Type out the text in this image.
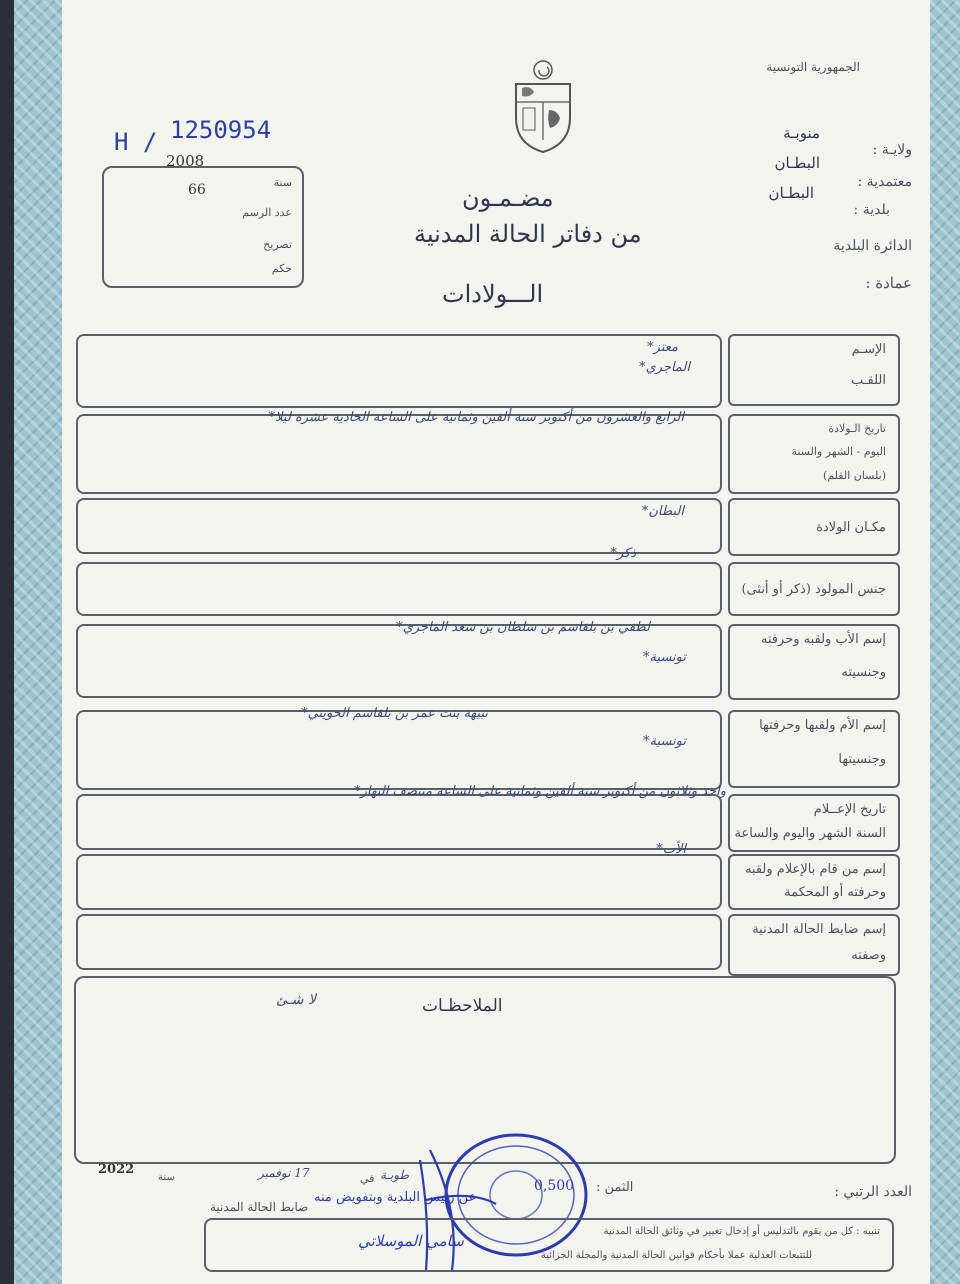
H / 1250954
2008
سنة
66
عدد الرسم
تصريح
حكم
الجمهورية التونسية
ولايـة :
منوبـة
البطـان
معتمدية :
البطـان
بلدية :
الدائرة البلدية
عمادة :
مضـمـون
من دفاتر الحالة المدنية
الـــولادات
معتز*
الماجري*
الإسـم
اللقـب
الرابع والعشرون من أكتوبر سنة ألفين وثمانية على الساعة الحادية عشرة ليلا*
تاريخ الـولادة
اليوم - الشهر والسنة
(بلسان القلم)
البطان*
مكـان الولادة
ذكر*
جنس المولود (ذكر أو أنثى)
لطفي بن بلقاسم بن سلطان بن سعد الماجري*
تونسية*
إسم الأب ولقبه وحرفته
وجنسيته
نبيهة بنت عمر بن بلقاسم الحويني*
تونسية*
إسم الأم ولقبها وحرفتها
وجنسيتها
واحد وثلاثون من أكتوبر سنة ألفين وثمانية على الساعة منتصف النهار*
تاريخ الإعــلام
السنة الشهر واليوم والساعة
الأب*
إسم من قام بالإعلام ولقبه
وحرفته أو المحكمة
إسم ضابط الحالة المدنية
وصفته
الملاحظـات
لا شـئ
العدد الرتبي :
الثمن :
0,500
طوبـة
في
17 نوفمبر
سنة
2022
عن رئيس البلدية وبتفويض منه
ضابط الحالة المدنية
سامي الموسلاتي
تنبيه : كل من يقوم بالتدليس أو إدخال تغيير في وثائق الحالة المدنية
للتتبعات العدلية عملا بأحكام قوانين الحالة المدنية والمجلة الجزائية
